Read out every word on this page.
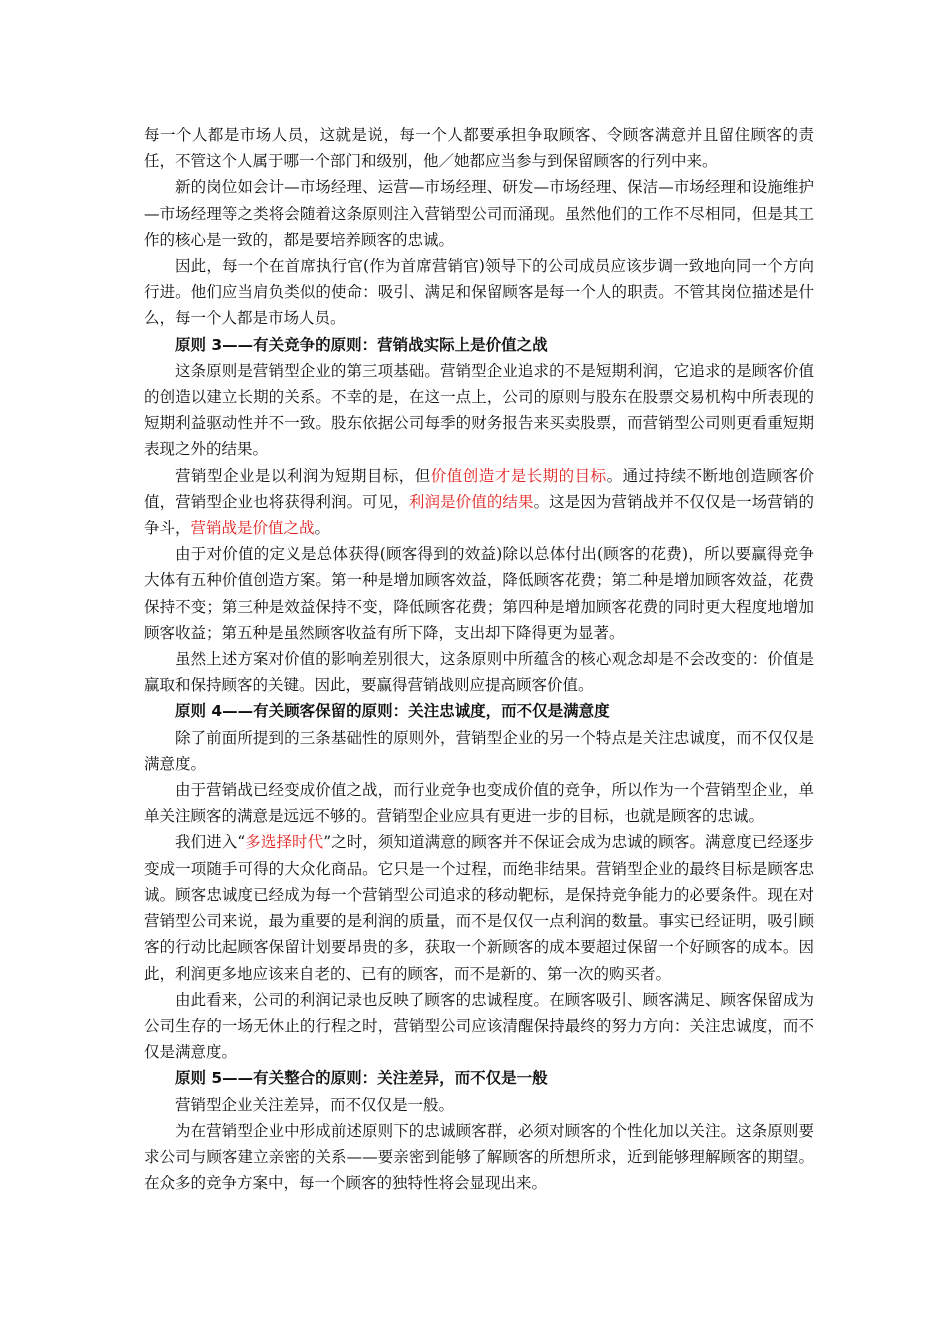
每一个人都是市场人员，这就是说，每一个人都要承担争取顾客、令顾客满意并且留住顾客的责任，不管这个人属于哪一个部门和级别，他／她都应当参与到保留顾客的行列中来。

新的岗位如会计—市场经理、运营—市场经理、研发—市场经理、保洁—市场经理和设施维护—市场经理等之类将会随着这条原则注入营销型公司而涌现。虽然他们的工作不尽相同，但是其工作的核心是一致的，都是要培养顾客的忠诚。

因此，每一个在首席执行官(作为首席营销官)领导下的公司成员应该步调一致地向同一个方向行进。他们应当肩负类似的使命：吸引、满足和保留顾客是每一个人的职责。不管其岗位描述是什么，每一个人都是市场人员。

原则 3——有关竞争的原则：营销战实际上是价值之战

这条原则是营销型企业的第三项基础。营销型企业追求的不是短期利润，它追求的是顾客价值的创造以建立长期的关系。不幸的是，在这一点上，公司的原则与股东在股票交易机构中所表现的短期利益驱动性并不一致。股东依据公司每季的财务报告来买卖股票，而营销型公司则更看重短期表现之外的结果。

营销型企业是以利润为短期目标，但价值创造才是长期的目标。通过持续不断地创造顾客价值，营销型企业也将获得利润。可见，利润是价值的结果。这是因为营销战并不仅仅是一场营销的争斗，营销战是价值之战。

由于对价值的定义是总体获得(顾客得到的效益)除以总体付出(顾客的花费)，所以要赢得竞争大体有五种价值创造方案。第一种是增加顾客效益，降低顾客花费；第二种是增加顾客效益，花费保持不变；第三种是效益保持不变，降低顾客花费；第四种是增加顾客花费的同时更大程度地增加顾客收益；第五种是虽然顾客收益有所下降，支出却下降得更为显著。

虽然上述方案对价值的影响差别很大，这条原则中所蕴含的核心观念却是不会改变的：价值是赢取和保持顾客的关键。因此，要赢得营销战则应提高顾客价值。

原则 4——有关顾客保留的原则：关注忠诚度，而不仅是满意度

除了前面所提到的三条基础性的原则外，营销型企业的另一个特点是关注忠诚度，而不仅仅是满意度。

由于营销战已经变成价值之战，而行业竞争也变成价值的竞争，所以作为一个营销型企业，单单关注顾客的满意是远远不够的。营销型企业应具有更进一步的目标，也就是顾客的忠诚。

我们进入“多选择时代”之时，须知道满意的顾客并不保证会成为忠诚的顾客。满意度已经逐步变成一项随手可得的大众化商品。它只是一个过程，而绝非结果。营销型企业的最终目标是顾客忠诚。顾客忠诚度已经成为每一个营销型公司追求的移动靶标，是保持竞争能力的必要条件。现在对营销型公司来说，最为重要的是利润的质量，而不是仅仅一点利润的数量。事实已经证明，吸引顾客的行动比起顾客保留计划要昂贵的多，获取一个新顾客的成本要超过保留一个好顾客的成本。因此，利润更多地应该来自老的、已有的顾客，而不是新的、第一次的购买者。

由此看来，公司的利润记录也反映了顾客的忠诚程度。在顾客吸引、顾客满足、顾客保留成为公司生存的一场无休止的行程之时，营销型公司应该清醒保持最终的努力方向：关注忠诚度，而不仅是满意度。

原则 5——有关整合的原则：关注差异，而不仅是一般

营销型企业关注差异，而不仅仅是一般。

为在营销型企业中形成前述原则下的忠诚顾客群，必须对顾客的个性化加以关注。这条原则要求公司与顾客建立亲密的关系——要亲密到能够了解顾客的所想所求，近到能够理解顾客的期望。在众多的竞争方案中，每一个顾客的独特性将会显现出来。
